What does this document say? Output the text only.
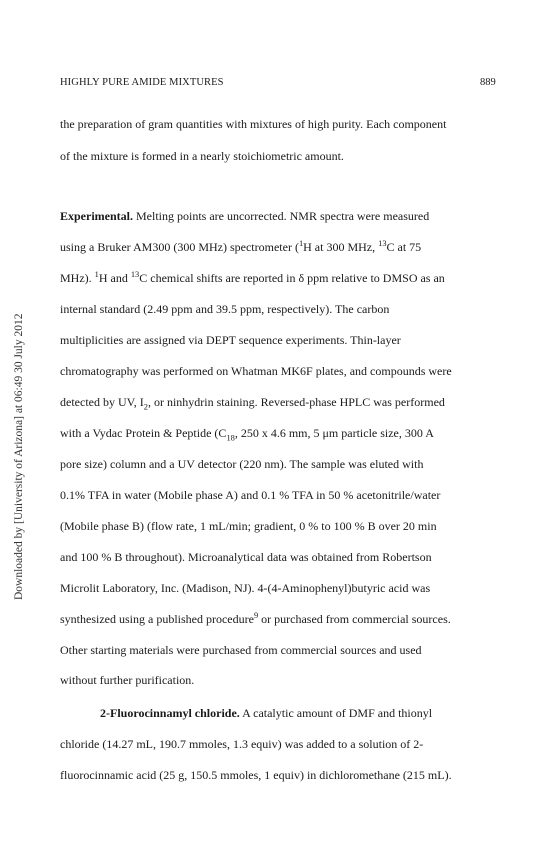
HIGHLY PURE AMIDE MIXTURES	889
Downloaded by [University of Arizona] at 06:49 30 July 2012
the preparation of gram quantities with mixtures of high purity. Each component
of the mixture is formed in a nearly stoichiometric amount.
Experimental. Melting points are uncorrected. NMR spectra were measured
using a Bruker AM300 (300 MHz) spectrometer ($^1$H at 300 MHz, $^{13}$C at 75
MHz). $^1$H and $^{13}$C chemical shifts are reported in δ ppm relative to DMSO as an
internal standard (2.49 ppm and 39.5 ppm, respectively). The carbon
multiplicities are assigned via DEPT sequence experiments. Thin-layer
chromatography was performed on Whatman MK6F plates, and compounds were
detected by UV, $I_2$, or ninhydrin staining. Reversed-phase HPLC was performed
with a Vydac Protein & Peptide ($C_{18}$, 250 x 4.6 mm, 5 μm particle size, 300 A
pore size) column and a UV detector (220 nm). The sample was eluted with
0.1% TFA in water (Mobile phase A) and 0.1 % TFA in 50 % acetonitrile/water
(Mobile phase B) (flow rate, 1 mL/min; gradient, 0 % to 100 % B over 20 min
and 100 % B throughout). Microanalytical data was obtained from Robertson
Microlit Laboratory, Inc. (Madison, NJ). 4-(4-Aminophenyl)butyric acid was
synthesized using a published procedure$^9$ or purchased from commercial sources.
Other starting materials were purchased from commercial sources and used
without further purification.
2-Fluorocinnamyl chloride. A catalytic amount of DMF and thionyl
chloride (14.27 mL, 190.7 mmoles, 1.3 equiv) was added to a solution of 2-
fluorocinnamic acid (25 g, 150.5 mmoles, 1 equiv) in dichloromethane (215 mL).
